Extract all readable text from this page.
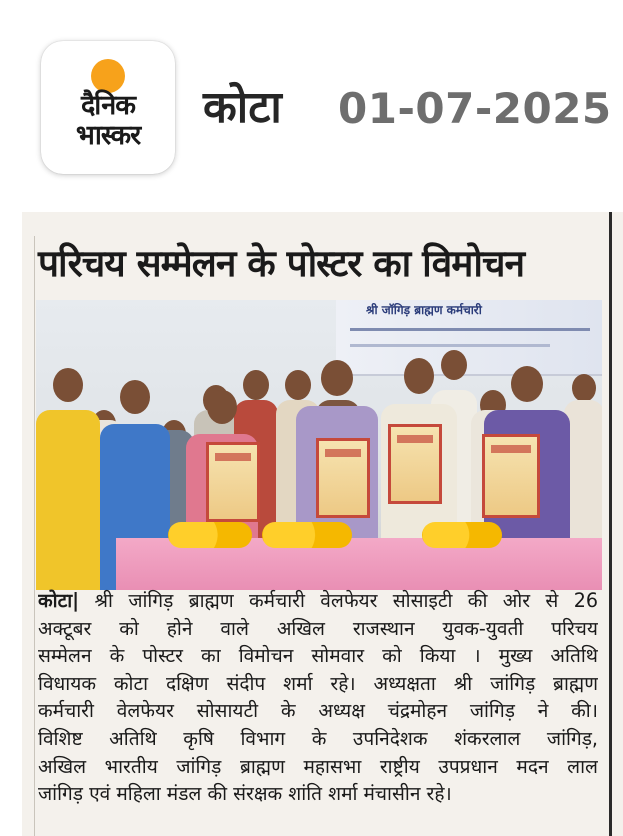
दैनिक
भास्कर
कोटा 01-07-2025
परिचय सम्मेलन के पोस्टर का विमोचन
श्री जॉगिड़ ब्राह्मण कर्मचारी
कोटा| श्री जांगिड़ ब्राह्मण कर्मचारी वेलफेयर सोसाइटी की ओर से 26
अक्टूबर को होने वाले अखिल राजस्थान युवक-युवती परिचय
सम्मेलन के पोस्टर का विमोचन सोमवार को किया । मुख्य अतिथि
विधायक कोटा दक्षिण संदीप शर्मा रहे। अध्यक्षता श्री जांगिड़ ब्राह्मण
कर्मचारी वेलफेयर सोसायटी के अध्यक्ष चंद्रमोहन जांगिड़ ने की।
विशिष्ट अतिथि कृषि विभाग के उपनिदेशक शंकरलाल जांगिड़,
अखिल भारतीय जांगिड़ ब्राह्मण महासभा राष्ट्रीय उपप्रधान मदन लाल
जांगिड़ एवं महिला मंडल की संरक्षक शांति शर्मा मंचासीन रहे।
